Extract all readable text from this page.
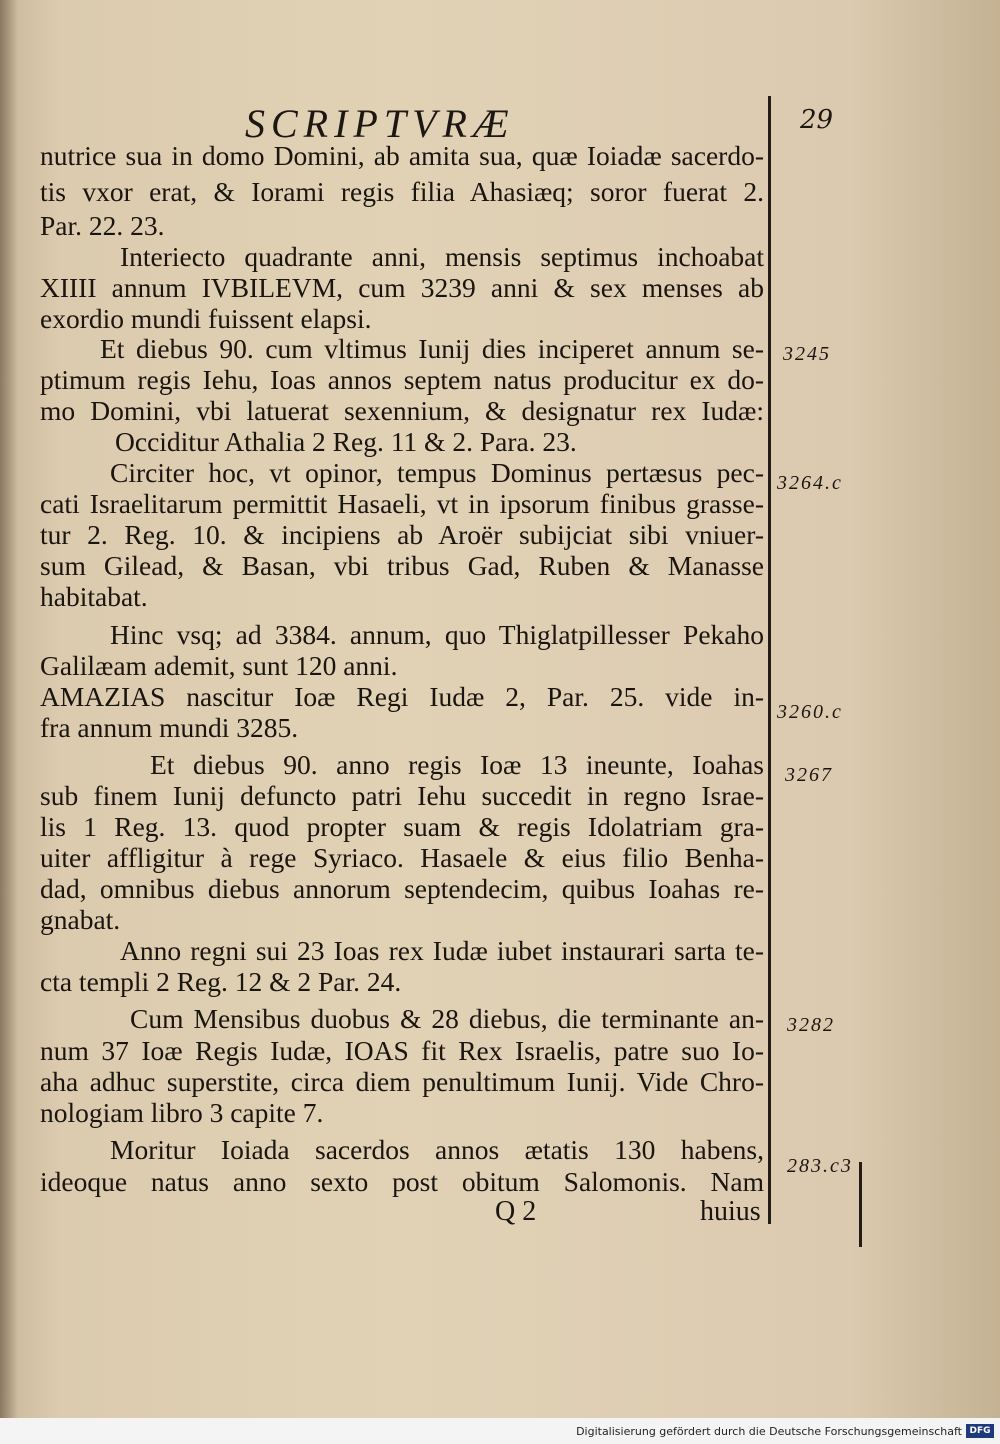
SCRIPTVRÆ	29
nutrice sua in domo Domini, ab amita sua, quæ Ioiadæ sacerdo-
tis vxor erat, & Iorami regis filia Ahasiæq; soror fuerat 2.
Par. 22. 23.
Interiecto quadrante anni, mensis septimus inchoabat
XIIII annum IVBILEVM, cum 3239 anni & sex menses ab
exordio mundi fuissent elapsi.
Et diebus 90. cum vltimus Iunij dies inciperet annum se-
ptimum regis Iehu, Ioas annos septem natus producitur ex do-
mo Domini, vbi latuerat sexennium, & designatur rex Iudæ:
Occiditur Athalia 2 Reg. 11 & 2. Para. 23.
Circiter hoc, vt opinor, tempus Dominus pertæsus pec-
cati Israelitarum permittit Hasaeli, vt in ipsorum finibus grasse-
tur 2. Reg. 10. & incipiens ab Aroër subijciat sibi vniuer-
sum Gilead, & Basan, vbi tribus Gad, Ruben & Manasse
habitabat.
Hinc vsq; ad 3384. annum, quo Thiglatpillesser Pekaho
Galilæam ademit, sunt 120 anni.
AMAZIAS nascitur Ioæ Regi Iudæ 2, Par. 25. vide in-
fra annum mundi 3285.
Et diebus 90. anno regis Ioæ 13 ineunte, Ioahas
sub finem Iunij defuncto patri Iehu succedit in regno Israe-
lis 1 Reg. 13. quod propter suam & regis Idolatriam gra-
uiter affligitur à rege Syriaco. Hasaele & eius filio Benha-
dad, omnibus diebus annorum septendecim, quibus Ioahas re-
gnabat.
Anno regni sui 23 Ioas rex Iudæ iubet instaurari sarta te-
cta templi 2 Reg. 12 & 2 Par. 24.
Cum Mensibus duobus & 28 diebus, die terminante an-
num 37 Ioæ Regis Iudæ, IOAS fit Rex Israelis, patre suo Io-
aha adhuc superstite, circa diem penultimum Iunij. Vide Chro-
nologiam libro 3 capite 7.
Moritur Ioiada sacerdos annos ætatis 130 habens,
ideoque natus anno sexto post obitum Salomonis. Nam
Q 2	huius
3245
3264.c
3260.c
3267
3282
283.c3
Digitalisierung gefördert durch die Deutsche Forschungsgemeinschaft DFG
